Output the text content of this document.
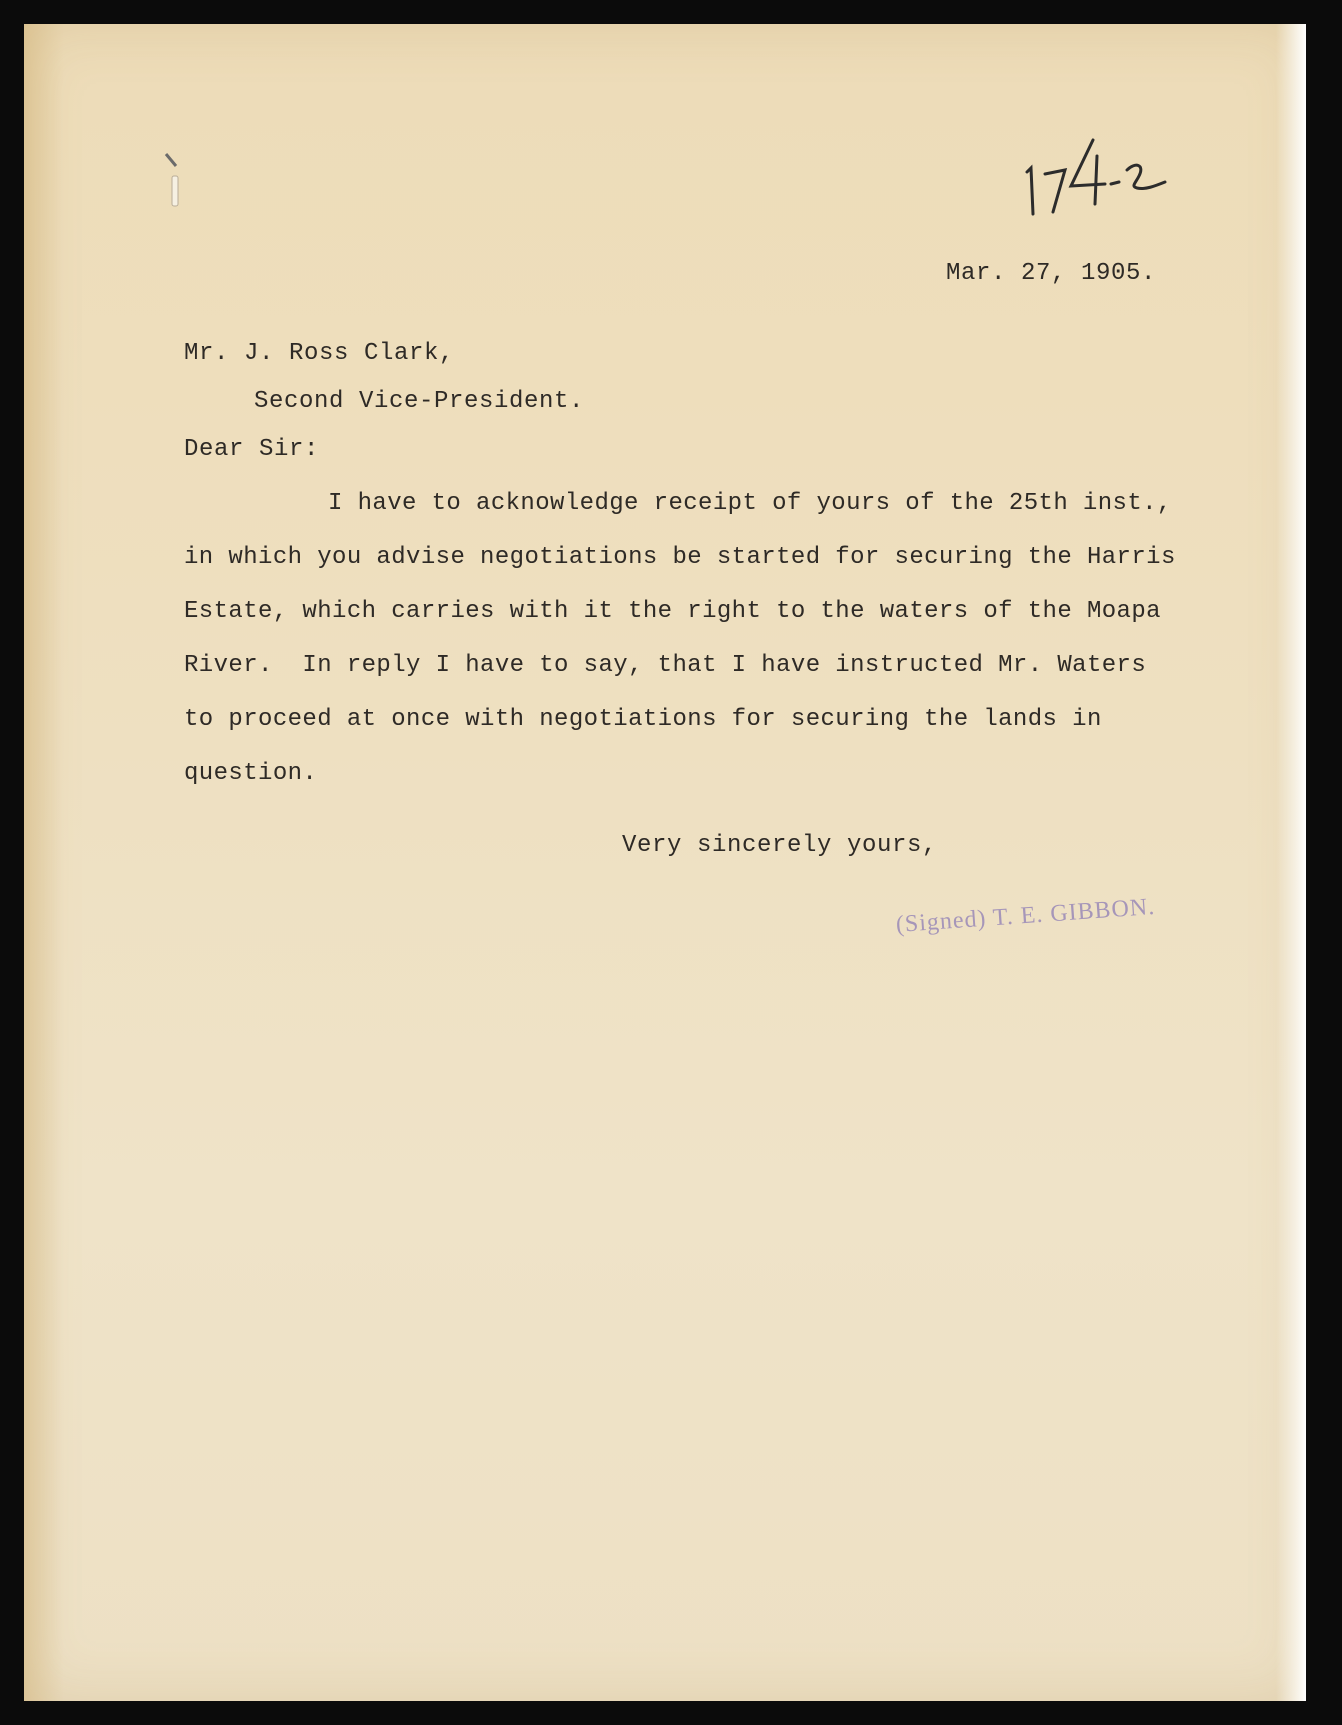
Mar. 27, 1905.
Mr. J. Ross Clark,
Second Vice-President.
Dear Sir:
I have to acknowledge receipt of yours of the 25th inst.,
in which you advise negotiations be started for securing the Harris
Estate, which carries with it the right to the waters of the Moapa
River.  In reply I have to say, that I have instructed Mr. Waters
to proceed at once with negotiations for securing the lands in
question.
Very sincerely yours,
(Signed) T. E. GIBBON.
